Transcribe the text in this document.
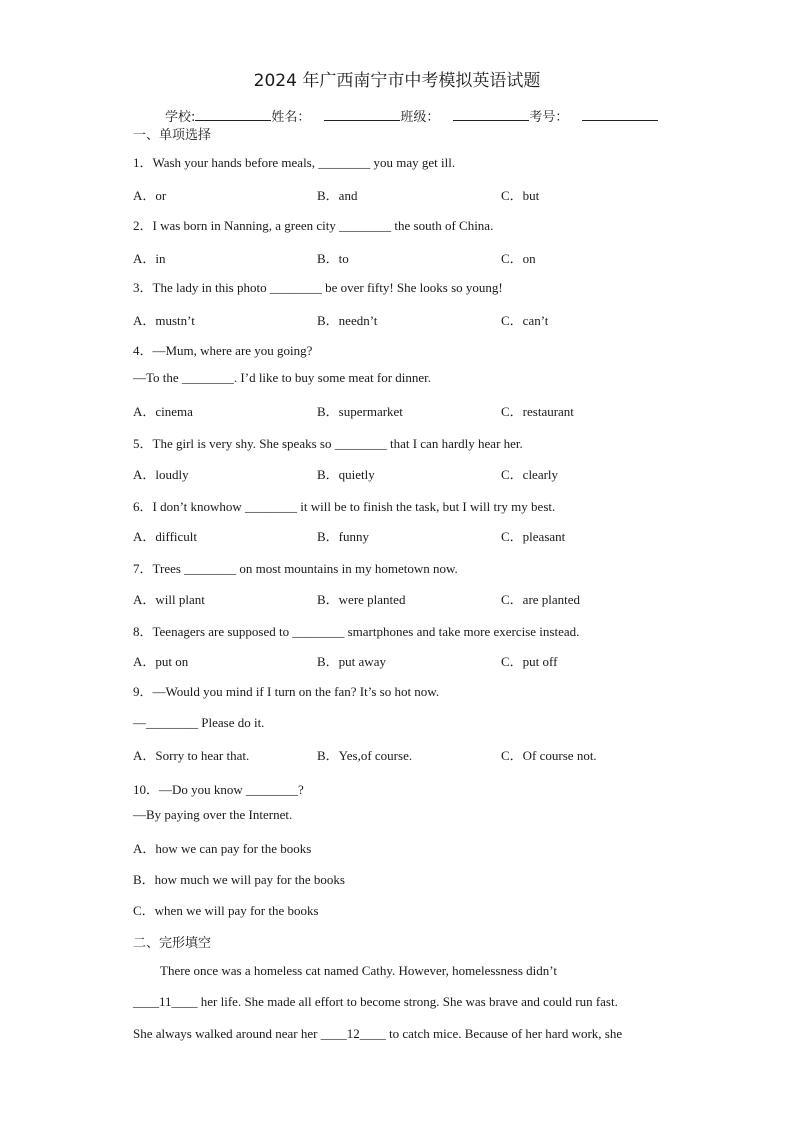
2024 年广西南宁市中考模拟英语试题
学校:	姓名：	班级：	考号：
一、单项选择
1．Wash your hands before meals, ________ you may get ill.
A．or	B．and	C．but
2．I was born in Nanning, a green city ________ the south of China.
A．in	B．to	C．on
3．The lady in this photo ________ be over fifty! She looks so young!
A．mustn’t	B．needn’t	C．can’t
4．—Mum, where are you going?
—To the ________. I’d like to buy some meat for dinner.
A．cinema	B．supermarket	C．restaurant
5．The girl is very shy. She speaks so ________ that I can hardly hear her.
A．loudly	B．quietly	C．clearly
6．I don’t knowhow ________ it will be to finish the task, but I will try my best.
A．difficult	B．funny	C．pleasant
7．Trees ________ on most mountains in my hometown now.
A．will plant	B．were planted	C．are planted
8．Teenagers are supposed to ________ smartphones and take more exercise instead.
A．put on	B．put away	C．put off
9．—Would you mind if I turn on the fan? It’s so hot now.
—________ Please do it.
A．Sorry to hear that.	B．Yes,of course.	C．Of course not.
10．—Do you know ________?
—By paying over the Internet.
A．how we can pay for the books
B．how much we will pay for the books
C．when we will pay for the books
二、完形填空
There once was a homeless cat named Cathy. However, homelessness didn’t
____11____ her life. She made all effort to become strong. She was brave and could run fast.
She always walked around near her ____12____ to catch mice. Because of her hard work, she
